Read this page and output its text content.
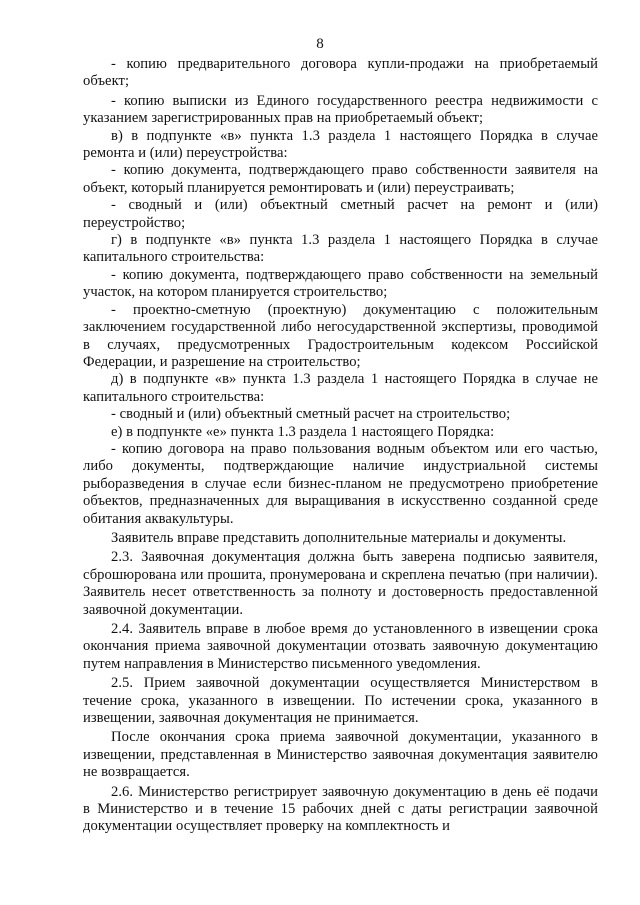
8

- копию предварительного договора купли-продажи на приобретаемый объект;

- копию выписки из Единого государственного реестра недвижимости с указанием зарегистрированных прав на приобретаемый объект;

в) в подпункте «в» пункта 1.3 раздела 1 настоящего Порядка в случае ремонта и (или) переустройства:

- копию документа, подтверждающего право собственности заявителя на объект, который планируется ремонтировать и (или) переустраивать;

- сводный и (или) объектный сметный расчет на ремонт и (или) переустройство;

г) в подпункте «в» пункта 1.3 раздела 1 настоящего Порядка в случае капитального строительства:

- копию документа, подтверждающего право собственности на земельный участок, на котором планируется строительство;

- проектно-сметную (проектную) документацию с положительным заключением государственной либо негосударственной экспертизы, проводимой в случаях, предусмотренных Градостроительным кодексом Российской Федерации, и разрешение на строительство;

д) в подпункте «в» пункта 1.3 раздела 1 настоящего Порядка в случае не капитального строительства:

- сводный и (или) объектный сметный расчет на строительство;

е) в подпункте «е» пункта 1.3 раздела 1 настоящего Порядка:

- копию договора на право пользования водным объектом или его частью, либо документы, подтверждающие наличие индустриальной системы рыборазведения в случае если бизнес-планом не предусмотрено приобретение объектов, предназначенных для выращивания в искусственно созданной среде обитания аквакультуры.

Заявитель вправе представить дополнительные материалы и документы.

2.3. Заявочная документация должна быть заверена подписью заявителя, сброшюрована или прошита, пронумерована и скреплена печатью (при наличии). Заявитель несет ответственность за полноту и достоверность предоставленной заявочной документации.

2.4. Заявитель вправе в любое время до установленного в извещении срока окончания приема заявочной документации отозвать заявочную документацию путем направления в Министерство письменного уведомления.

2.5. Прием заявочной документации осуществляется Министерством в течение срока, указанного в извещении. По истечении срока, указанного в извещении, заявочная документация не принимается.

После окончания срока приема заявочной документации, указанного в извещении, представленная в Министерство заявочная документация заявителю не возвращается.

2.6. Министерство регистрирует заявочную документацию в день её подачи в Министерство и в течение 15 рабочих дней с даты регистрации заявочной документации осуществляет проверку на комплектность и
